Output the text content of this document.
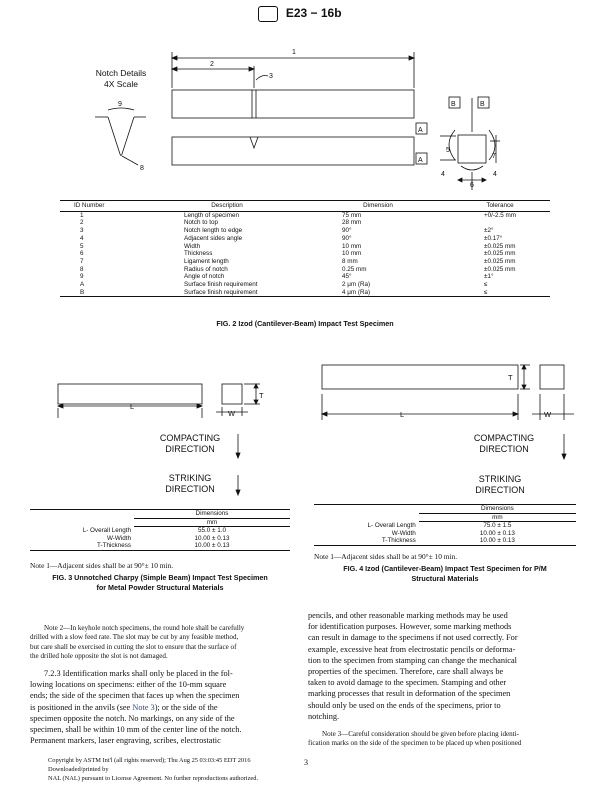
E23 − 16b
1
2
3
9
8
5
7
6
4	4
B	B
A
A
Notch Details
4X Scale
ID Number	Description	Dimension	Tolerance
1	Length of specimen	75 mm	+0/-2.5 mm
2	Notch to top	28 mm	
3	Notch length to edge	90°	±2°
4	Adjacent sides angle	90°	±0.17°
5	Width	10 mm	±0.025 mm
6	Thickness	10 mm	±0.025 mm
7	Ligament length	8 mm	±0.025 mm
8	Radius of notch	0.25 mm	±0.025 mm
9	Angle of notch	45°	±1°
A	Surface finish requirement	2 μm (Ra)	≤
B	Surface finish requirement	4 μm (Ra)	≤
FIG. 2 Izod (Cantilever-Beam) Impact Test Specimen
L
T
W
COMPACTING
DIRECTION
STRIKING
DIRECTION
	Dimensions
	mm
L- Overall Length	55.0 ± 1.0
W-Width	10.00 ± 0.13
T-Thickness	10.00 ± 0.13
Note 1—Adjacent sides shall be at 90°± 10 min.
FIG. 3 Unnotched Charpy (Simple Beam) Impact Test Specimen
for Metal Powder Structural Materials
L
T
W
COMPACTING
DIRECTION
STRIKING
DIRECTION
	Dimensions
	mm
L- Overall Length	75.0 ± 1.5
W-Width	10.00 ± 0.13
T-Thickness	10.00 ± 0.13
Note 1—Adjacent sides shall be at 90°± 10 min.
FIG. 4 Izod (Cantilever-Beam) Impact Test Specimen for P/M
Structural Materials
Note 2—In keyhole notch specimens, the round hole shall be carefully
drilled with a slow feed rate. The slot may be cut by any feasible method,
but care shall be exercised in cutting the slot to ensure that the surface of
the drilled hole opposite the slot is not damaged.
7.2.3 Identification marks shall only be placed in the fol-
lowing locations on specimens: either of the 10-mm square
ends; the side of the specimen that faces up when the specimen
is positioned in the anvils (see Note 3); or the side of the
specimen opposite the notch. No markings, on any side of the
specimen, shall be within 10 mm of the center line of the notch.
Permanent markers, laser engraving, scribes, electrostatic
pencils, and other reasonable marking methods may be used
for identification purposes. However, some marking methods
can result in damage to the specimens if not used correctly. For
example, excessive heat from electrostatic pencils or deforma-
tion to the specimen from stamping can change the mechanical
properties of the specimen. Therefore, care shall always be
taken to avoid damage to the specimen. Stamping and other
marking processes that result in deformation of the specimen
should only be used on the ends of the specimens, prior to
notching.
Note 3—Careful consideration should be given before placing identi-
fication marks on the side of the specimen to be placed up when positioned
Copyright by ASTM Int'l (all rights reserved); Thu Aug 25 03:03:45 EDT 2016
Downloaded/printed by
NAL (NAL) pursuant to License Agreement. No further reproductions authorized.
3
